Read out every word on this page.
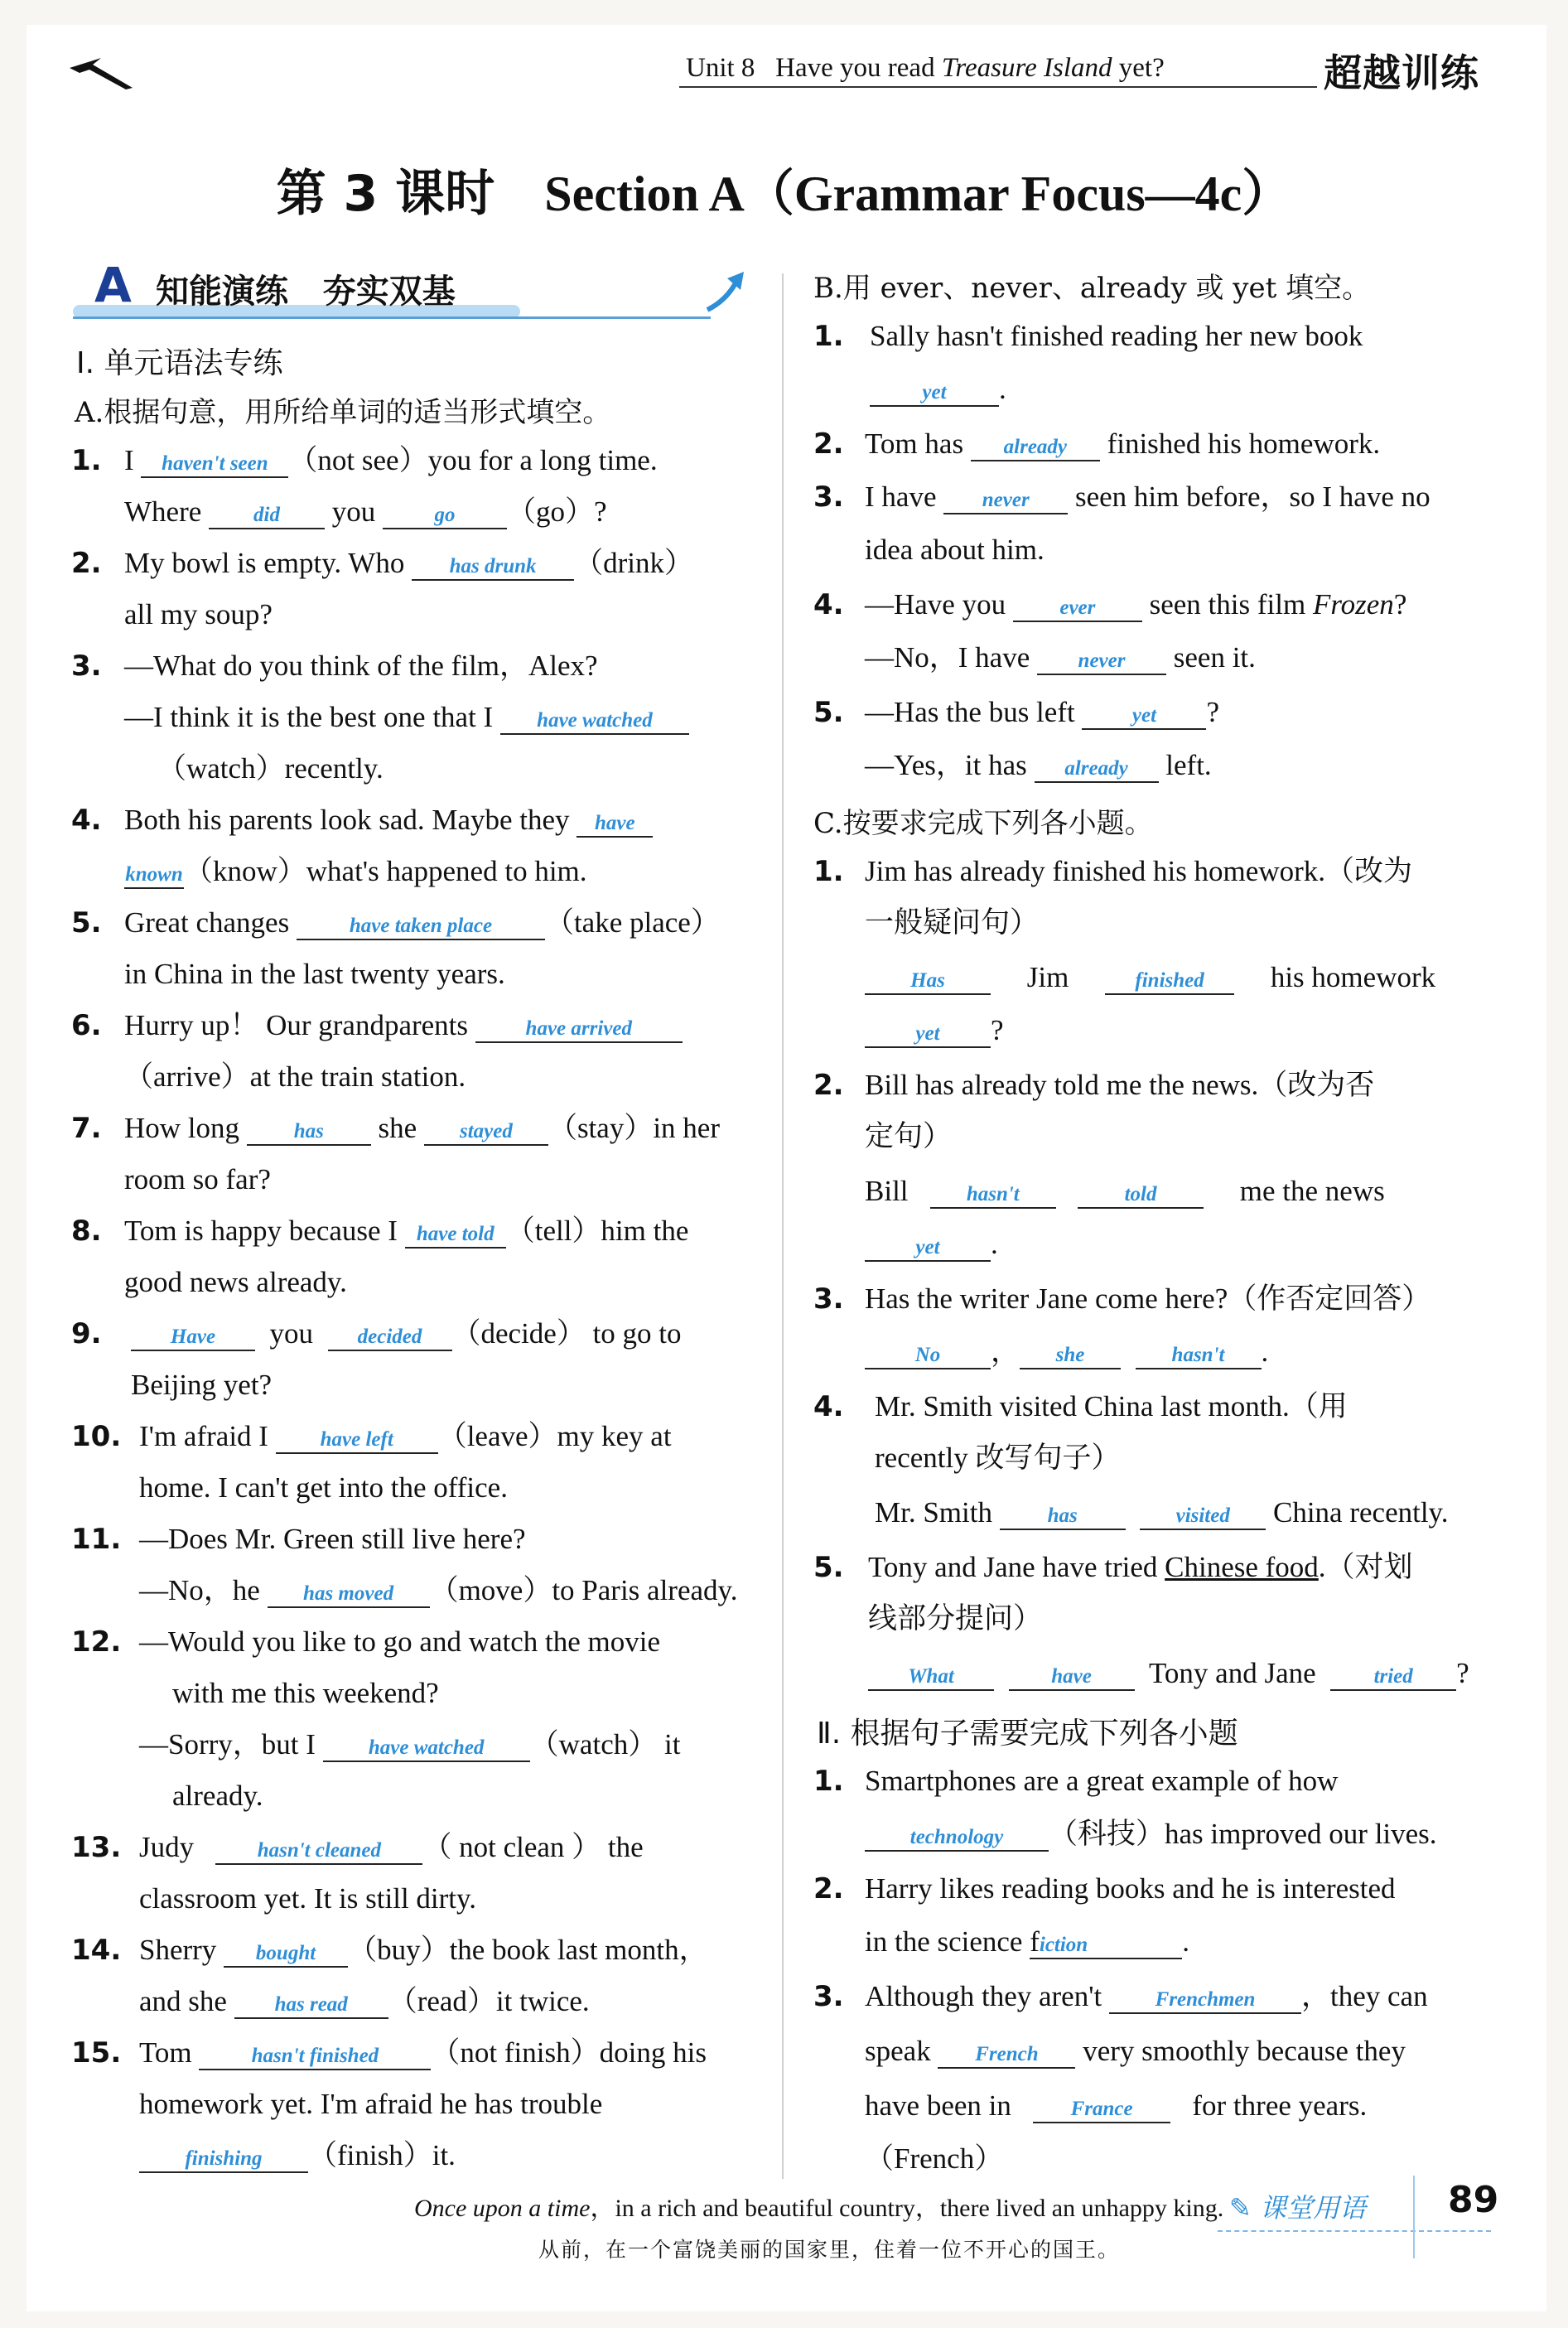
Unit 8 Have you read Treasure Island yet?	超越训练
第 3 课时 Section A（Grammar Focus—4c）
A 知能演练   夯实双基
Ⅰ. 单元语法专练
A.根据句意，用所给单词的适当形式填空。
1. I haven't seen （not see）you for a long time.
Where	did you	go （go）?
2. My bowl is empty. Who has drunk （drink）
all my soup?
3. —What do you think of the film，Alex?
—I think it is the best one that I have watched
（watch）recently.
4. Both his parents look sad. Maybe they have
known（know）what's happened to him.
5. Great changes	have taken place （take place）
in China in the last twenty years.
6. Hurry up！ Our grandparents	have arrived
（arrive）at the train station.
7. How long	has she stayed （stay）in her
room so far?
8. Tom is happy because I have told （tell）him the
good news already.
9.	Have you decided （decide） to go to
Beijing yet?
10. I'm afraid I	have left （leave）my key at
home. I can't get into the office.
11. —Does Mr. Green still live here?
—No，he has moved （move）to Paris already.
12. —Would you like to go and watch the movie
with me this weekend?
—Sorry，but I	have watched （watch） it
already.
13. Judy	hasn't cleaned （ not clean ） the
classroom yet. It is still dirty.
14. Sherry bought （buy）the book last month，
and she has read （read）it twice.
15. Tom	hasn't finished （not finish）doing his
homework yet. I'm afraid he has trouble
finishing （finish）it.
B.用 ever、never、already 或 yet 填空。
1. Sally hasn't finished reading her new book
yet .
2. Tom has already finished his homework.
3. I have never seen him before，so I have no
idea about him.
4. —Have you	ever seen this film Frozen?
—No，I have never seen it.
5. —Has the bus left	yet ?
—Yes，it has already left.
C.按要求完成下列各小题。
1. Jim has already finished his homework.（改为
一般疑问句）
Has	Jim	finished his homework
yet ?
2. Bill has already told me the news.（改为否
定句）
Bill	hasn't	told	me the news
yet .
3. Has the writer Jane come here?（作否定回答）
No ， she	hasn't .
4. Mr. Smith visited China last month.（用
recently 改写句子）
Mr. Smith	has	visited China recently.
5. Tony and Jane have tried Chinese food.（对划
线部分提问）
What	have Tony and Jane	tried ?
Ⅱ. 根据句子需要完成下列各小题
1. Smartphones are a great example of how
technology （科技）has improved our lives.
2. Harry likes reading books and he is interested
in the science fiction	.
3. Although they aren't	Frenchmen ，they can
speak French very smoothly because they
have been in	France for three years.
（French）
Once upon a time，in a rich and beautiful country，there lived an unhappy king.
从前，在一个富饶美丽的国家里，住着一位不开心的国王。
✎ 课堂用语 89
